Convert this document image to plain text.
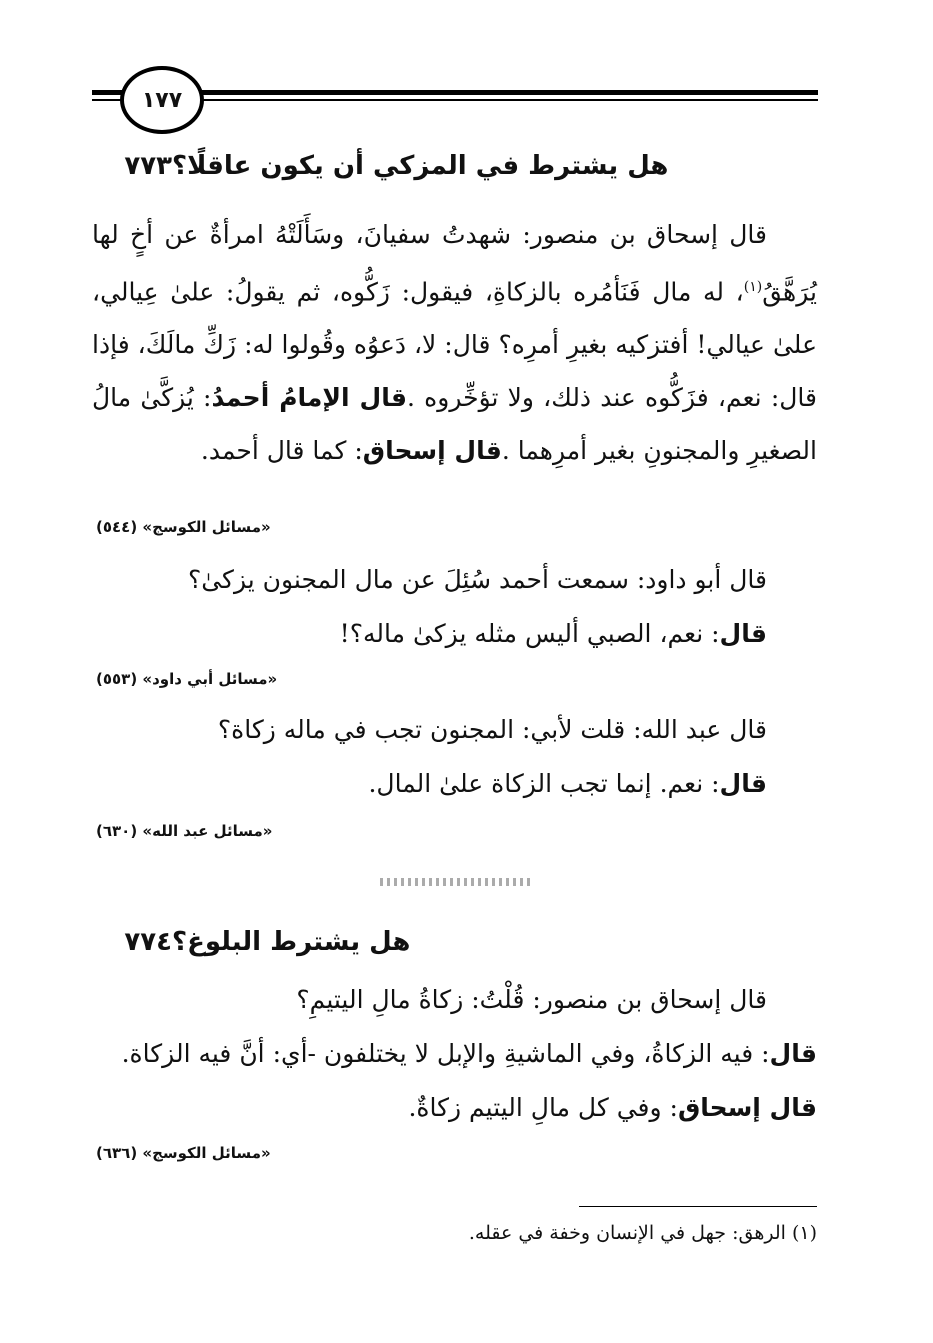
١٧٧
٧٧٣ هل يشترط في المزكي أن يكون عاقلًا؟
قال إسحاق بن منصور: شهدتُ سفيانَ، وسَأَلَتْهُ امرأةٌ عن أخٍ لها يُرَهَّقُ$^{(١)}$، له مال فَنَأمُره بالزكاةِ، فيقول: زَكُّوه، ثم يقولُ: علىٰ عِيالي، علىٰ عيالي! أفتزكيه بغيرِ أمرِه؟ قال: لا، دَعوُه وقُولوا له: زَكِّ مالَكَ، فإذا قال: نعم، فزَكُّوه عند ذلك، ولا تؤخِّروه .قال الإمامُ أحمدُ: يُزكَّىٰ مالُ الصغيرِ والمجنونِ بغير أمرِهما .قال إسحاق: كما قال أحمد.
«مسائل الكوسج» (٥٤٤)
قال أبو داود: سمعت أحمد سُئِلَ عن مال المجنون يزكىٰ؟
قال: نعم، الصبي أليس مثله يزكىٰ ماله؟!
«مسائل أبي داود» (٥٥٣)
قال عبد الله: قلت لأبي: المجنون تجب في ماله زكاة؟
قال: نعم. إنما تجب الزكاة علىٰ المال.
«مسائل عبد الله» (٦٣٠)
٧٧٤ هل يشترط البلوغ؟
قال إسحاق بن منصور: قُلْتُ: زكاةُ مالِ اليتيمِ؟
قال: فيه الزكاةُ، وفي الماشيةِ والإبل لا يختلفون -أي: أنَّ فيه الزكاة.
قال إسحاق: وفي كل مالِ اليتيم زكاةٌ.
«مسائل الكوسج» (٦٣٦)
(١) الرهق: جهل في الإنسان وخفة في عقله.
